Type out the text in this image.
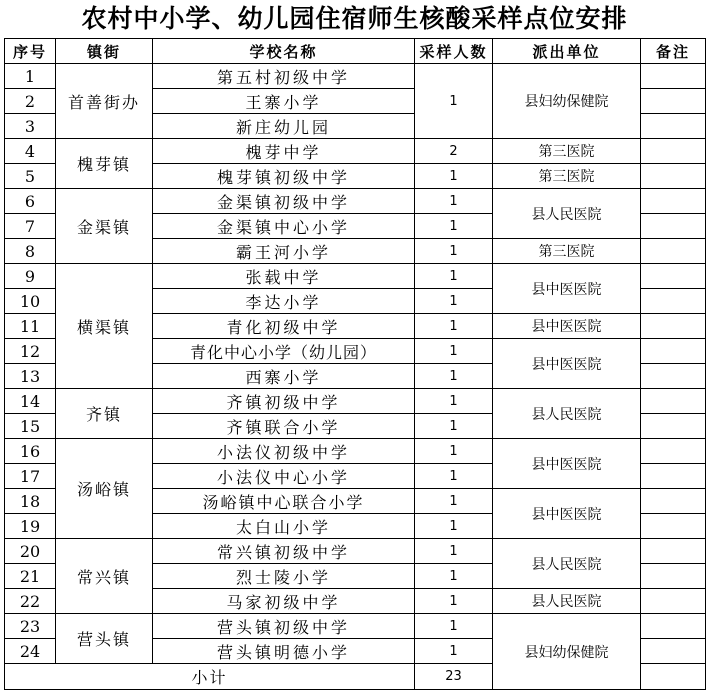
农村中小学、幼儿园住宿师生核酸采样点位安排
序号	镇街	学校名称	采样人数	派出单位	备注
1	首善街办	第五村初级中学	1	县妇幼保健院	
2		王寨小学			
3		新庄幼儿园			
4	槐芽镇	槐芽中学	2	第三医院	
5		槐芽镇初级中学	1	第三医院	
6	金渠镇	金渠镇初级中学	1	县人民医院	
7		金渠镇中心小学	1		
8		霸王河小学	1	第三医院	
9	横渠镇	张载中学	1	县中医医院	
10		李达小学	1		
11		青化初级中学	1	县中医医院	
12		青化中心小学（幼儿园）	1	县中医医院	
13		西寨小学	1		
14	齐镇	齐镇初级中学	1	县人民医院	
15		齐镇联合小学	1		
16	汤峪镇	小法仪初级中学	1	县中医医院	
17		小法仪中心小学	1		
18		汤峪镇中心联合小学	1	县中医医院	
19		太白山小学	1		
20	常兴镇	常兴镇初级中学	1	县人民医院	
21		烈士陵小学	1		
22		马家初级中学	1	县人民医院	
23	营头镇	营头镇初级中学	1	县妇幼保健院	
24		营头镇明德小学	1		
小计			23		
